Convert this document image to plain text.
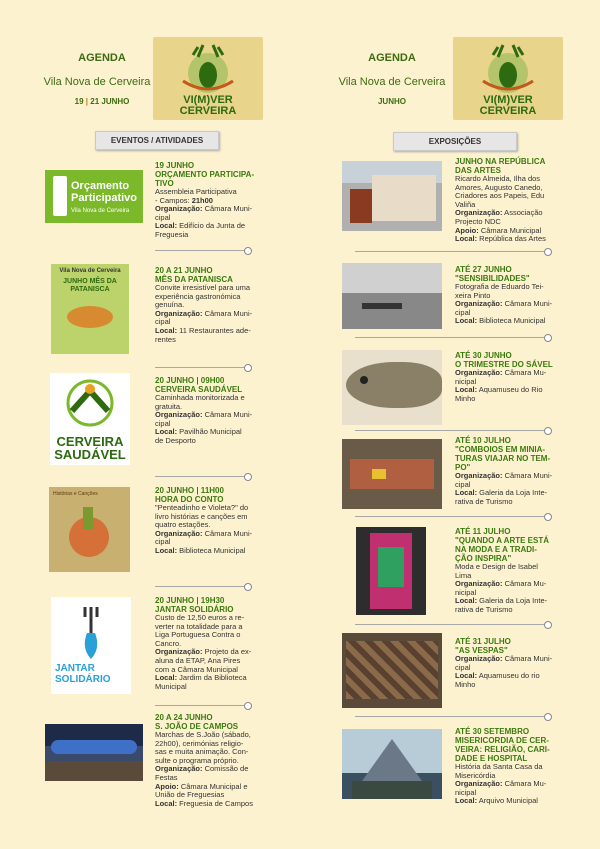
AGENDA
Vila Nova de Cerveira
19 | 21 JUNHO	VI(M)VER
CERVEIRA
AGENDA
Vila Nova de Cerveira
JUNHO	VI(M)VER
CERVEIRA
EVENTOS / ATIVIDADES	EXPOSIÇÕES
Orçamento Participativo
Vila Nova de Cerveira
19 JUNHO
ORÇAMENTO PARTICIPA-
TIVO
Assembleia Participativa
- Campos: 21h00
Organização: Câmara Muni-
cipal
Local: Edifício da Junta de
Freguesia
Vila Nova de Cerveira
JUNHO MÊS DA PATANISCA
20 A 21 JUNHO
MÊS DA PATANISCA
Convite irresistível para uma
experiência gastronómica
genuína.
Organização: Câmara Muni-
cipal
Local: 11 Restaurantes ade-
rentes
CERVEIRA
SAUDÁVEL
20 JUNHO | 09H00
CERVEIRA SAUDÁVEL
Caminhada monitorizada e
gratuita.
Organização: Câmara Muni-
cipal
Local: Pavilhão Municipal
de Desporto
Histórias e Canções	20 JUNHO | 11H00
HORA DO CONTO
"Penteadinho e Violeta?" do
livro histórias e canções em
quatro estações.
Organização: Câmara Muni-
cipal
Local: Biblioteca Municipal
JANTAR
SOLIDÁRIO
20 JUNHO | 19H30
JANTAR SOLIDÁRIO
Custo de 12,50 euros a re-
verter na totalidade para a
Liga Portuguesa Contra o
Cancro.
Organização: Projeto da ex-
aluna da ETAP, Ana Pires
com a Câmara Municipal
Local: Jardim da Biblioteca
Municipal
20 A 24 JUNHO
S. JOÃO DE CAMPOS
Marchas de S.João (sábado,
22h00), cerimónias religio-
sas e muita animação. Con-
sulte o programa próprio.
Organização: Comissão de
Festas
Apoio: Câmara Municipal e
União de Freguesias
Local: Freguesia de Campos
JUNHO NA REPÚBLICA
DAS ARTES
Ricardo Almeida, Ilha dos
Amores, Augusto Canedo,
Criadores aos Papeis, Edu
Valiña
Organização: Associação
Projecto NDC
Apoio: Câmara Municipal
Local: República das Artes
ATÉ 27 JUNHO
"SENSIBILIDADES"
Fotografia de Eduardo Tei-
xeira Pinto
Organização: Câmara Muni-
cipal
Local: Biblioteca Municipal
ATÉ 30 JUNHO
O TRIMESTRE DO SÁVEL
Organização: Câmara Mu-
nicipal
Local: Aquamuseu do Rio
Minho
ATÉ 10 JULHO
"COMBOIOS EM MINIA-
TURAS VIAJAR NO TEM-
PO"
Organização: Câmara Muni-
cipal
Local: Galeria da Loja Inte-
rativa de Turismo
ATÉ 11 JULHO
"QUANDO A ARTE ESTÁ
NA MODA E A TRADI-
ÇÃO INSPIRA"
Moda e Design de Isabel
Lima
Organização: Câmara Mu-
nicipal
Local: Galeria da Loja Inte-
rativa de Turismo
ATÉ 31 JULHO
"AS VESPAS"
Organização: Câmara Muni-
cipal
Local: Aquamuseu do rio
Minho
ATÉ 30 SETEMBRO
MISERICORDIA DE CER-
VEIRA: RELIGIÃO, CARI-
DADE E HOSPITAL
História da Santa Casa da
Misericórdia
Organização: Câmara Mu-
nicipal
Local: Arquivo Municipal
